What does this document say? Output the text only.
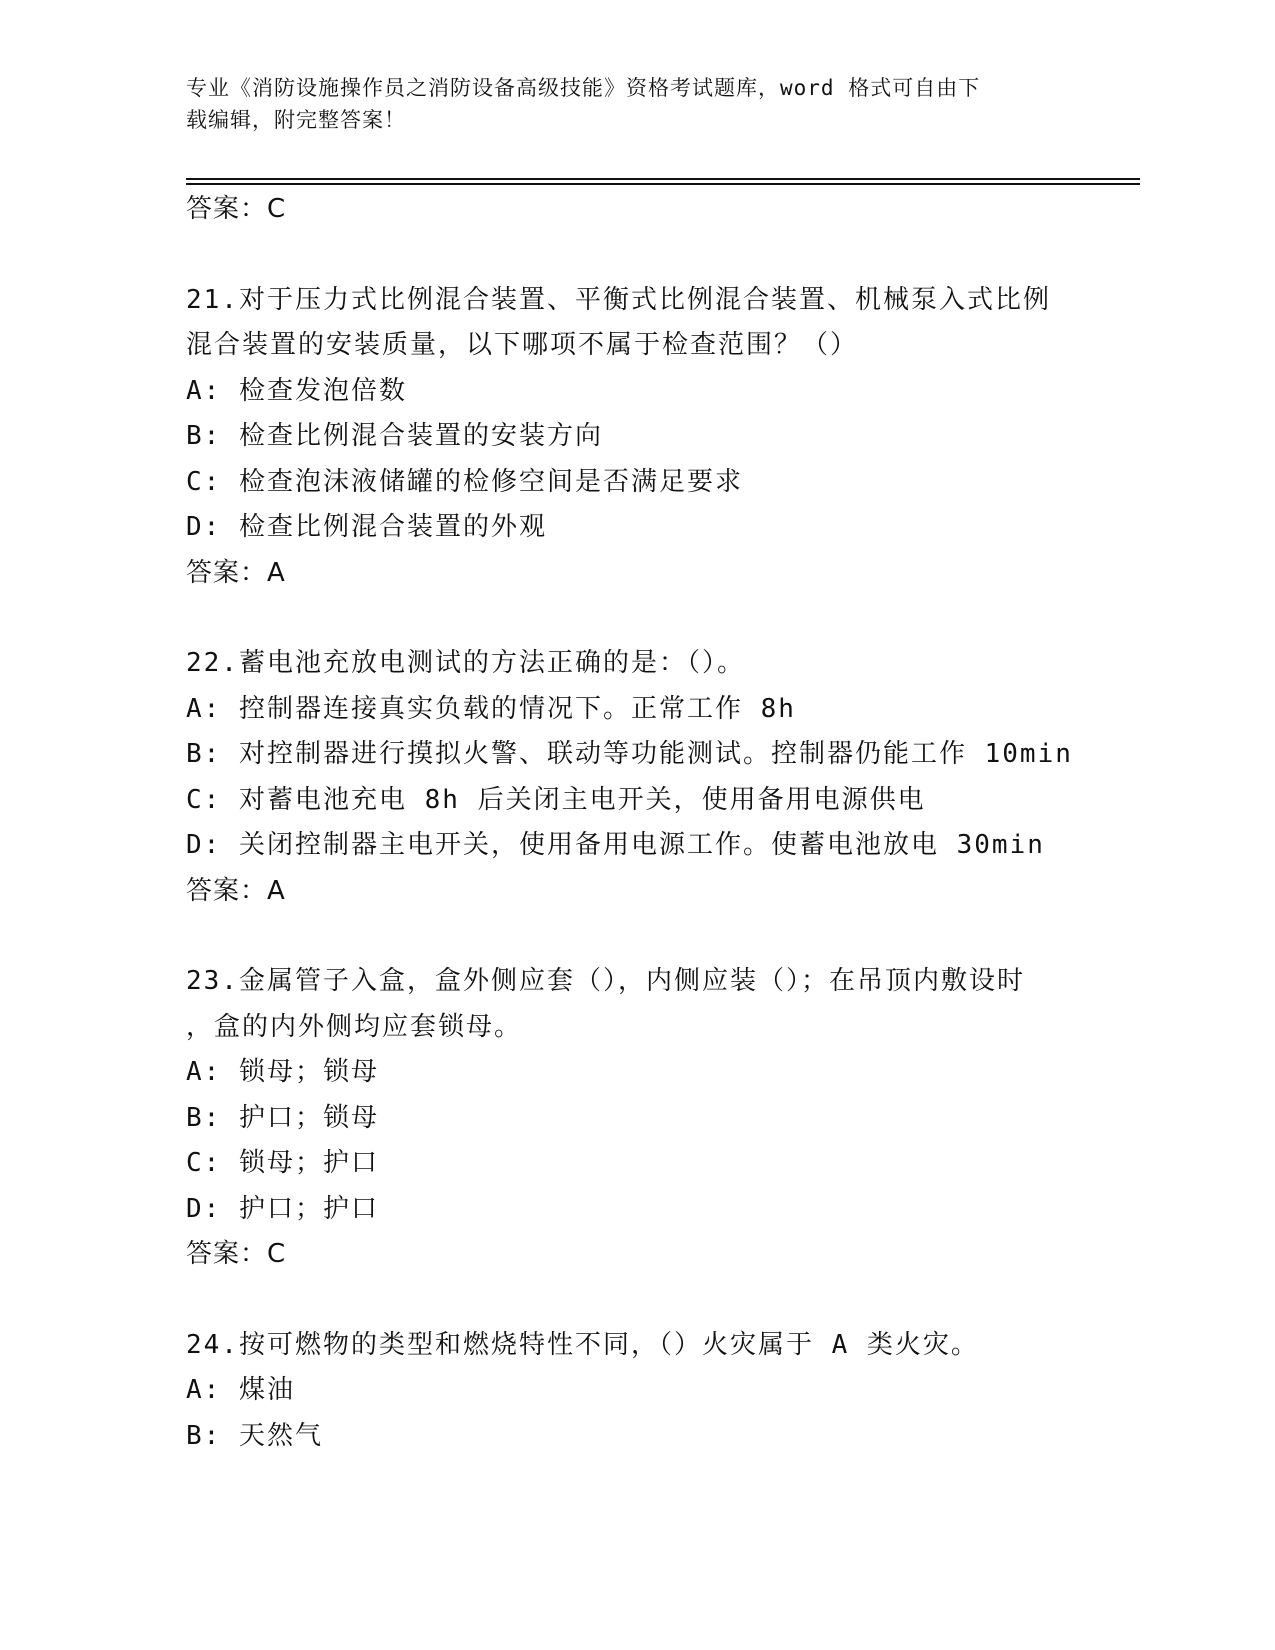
专业《消防设施操作员之消防设备高级技能》资格考试题库，word 格式可自由下
载编辑，附完整答案！
答案：C
21.对于压力式比例混合装置、平衡式比例混合装置、机械泵入式比例
混合装置的安装质量，以下哪项不属于检查范围？（）
A: 检查发泡倍数
B: 检查比例混合装置的安装方向
C: 检查泡沫液储罐的检修空间是否满足要求
D: 检查比例混合装置的外观
答案：A
22.蓄电池充放电测试的方法正确的是：（）。
A: 控制器连接真实负载的情况下。正常工作 8h
B: 对控制器进行摸拟火警、联动等功能测试。控制器仍能工作 10min
C: 对蓄电池充电 8h 后关闭主电开关，使用备用电源供电
D: 关闭控制器主电开关，使用备用电源工作。使蓄电池放电 30min
答案：A
23.金属管子入盒，盒外侧应套（），内侧应装（）；在吊顶内敷设时
，盒的内外侧均应套锁母。
A: 锁母；锁母
B: 护口；锁母
C: 锁母；护口
D: 护口；护口
答案：C
24.按可燃物的类型和燃烧特性不同，（）火灾属于 A 类火灾。
A: 煤油
B: 天然气
